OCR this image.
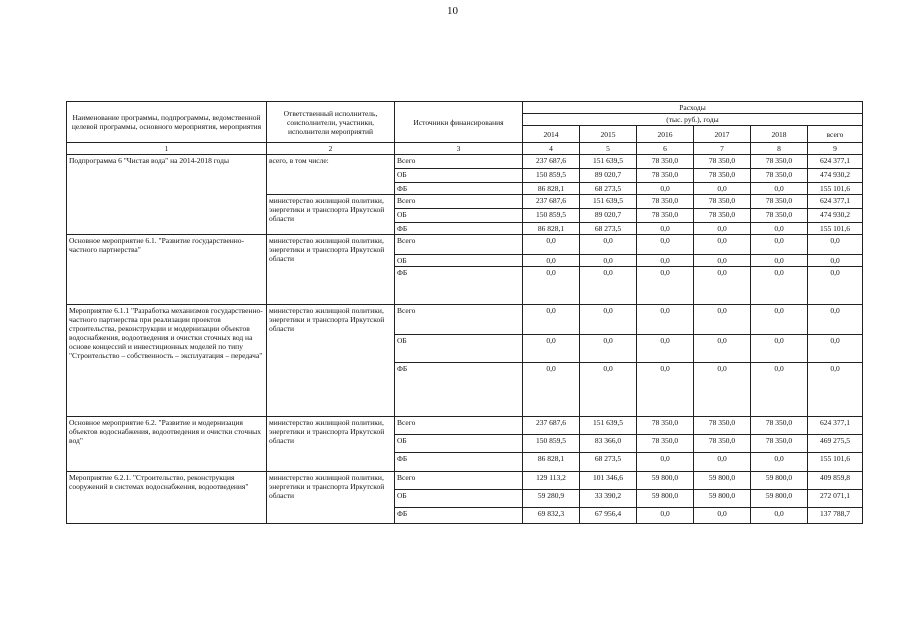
10
Наименование программы, подпрограммы, ведомственной целевой программы, основного мероприятия, мероприятия	Ответственный исполнитель, соисполнители, участники, исполнители мероприятий	Источники финансирования	Расходы					
			(тыс. руб.), годы					
			2014	2015	2016	2017	2018	всего
1	2	3	4	5	6	7	8	9
Подпрограмма 6 "Чистая вода" на 2014-2018 годы	всего, в том числе:	Всего	237 687,6	151 639,5	78 350,0	78 350,0	78 350,0	624 377,1
		ОБ	150 859,5	89 020,7	78 350,0	78 350,0	78 350,0	474 930,2
		ФБ	86 828,1	68 273,5	0,0	0,0	0,0	155 101,6
	министерство жилищной политики, энергетики и транспорта Иркутской области	Всего	237 687,6	151 639,5	78 350,0	78 350,0	78 350,0	624 377,1
		ОБ	150 859,5	89 020,7	78 350,0	78 350,0	78 350,0	474 930,2
		ФБ	86 828,1	68 273,5	0,0	0,0	0,0	155 101,6
Основное мероприятие 6.1. "Развитие государственно-частного партнерства"	министерство жилищной политики, энергетики и транспорта Иркутской области	Всего	0,0	0,0	0,0	0,0	0,0	0,0
		ОБ	0,0	0,0	0,0	0,0	0,0	0,0
		ФБ	0,0	0,0	0,0	0,0	0,0	0,0
Мероприятие 6.1.1 "Разработка механизмов государственно-частного партнерства при реализации проектов строительства, реконструкции и модернизации объектов водоснабжения, водоотведения и очистки сточных вод на основе концессий и инвестиционных моделей по типу "Строительство – собственность – эксплуатация – передача"	министерство жилищной политики, энергетики и транспорта Иркутской области	Всего	0,0	0,0	0,0	0,0	0,0	0,0
		ОБ	0,0	0,0	0,0	0,0	0,0	0,0
		ФБ	0,0	0,0	0,0	0,0	0,0	0,0
Основное мероприятие 6.2. "Развитие и модернизация объектов водоснабжения, водоотведения и очистки сточных вод"	министерство жилищной политики, энергетики и транспорта Иркутской области	Всего	237 687,6	151 639,5	78 350,0	78 350,0	78 350,0	624 377,1
		ОБ	150 859,5	83 366,0	78 350,0	78 350,0	78 350,0	469 275,5
		ФБ	86 828,1	68 273,5	0,0	0,0	0,0	155 101,6
Мероприятие 6.2.1. "Строительство, реконструкция сооружений в системах водоснабжения, водоотведения"	министерство жилищной политики, энергетики и транспорта Иркутской области	Всего	129 113,2	101 346,6	59 800,0	59 800,0	59 800,0	409 859,8
		ОБ	59 280,9	33 390,2	59 800,0	59 800,0	59 800,0	272 071,1
		ФБ	69 832,3	67 956,4	0,0	0,0	0,0	137 788,7
